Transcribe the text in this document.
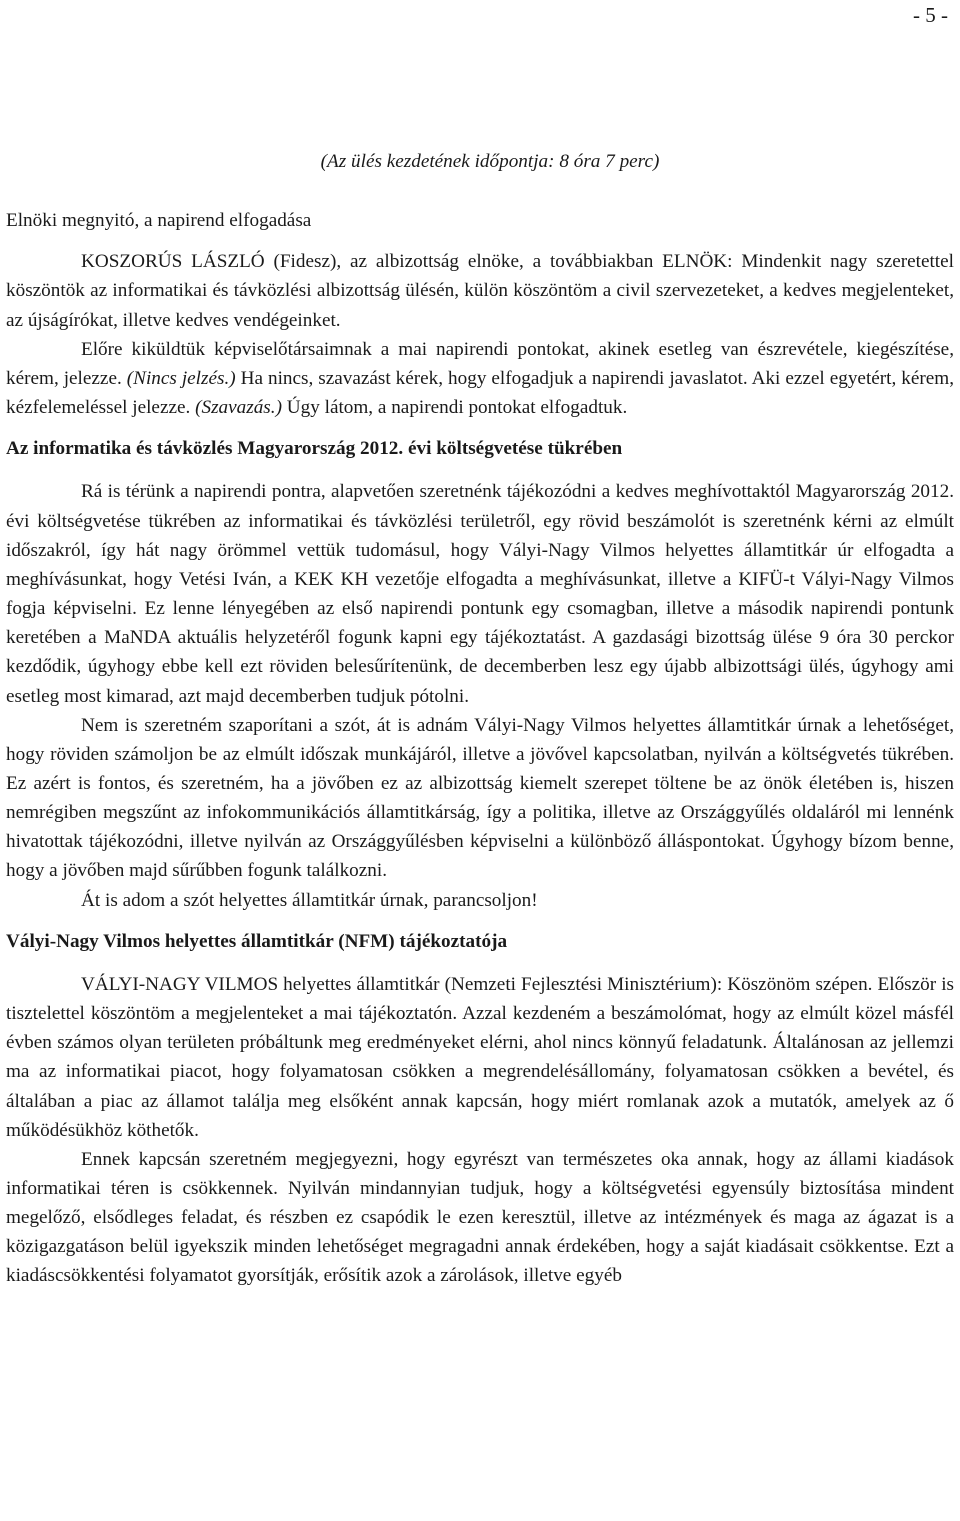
- 5 -

(Az ülés kezdetének időpontja: 8 óra 7 perc)

Elnöki megnyitó, a napirend elfogadása

KOSZORÚS LÁSZLÓ (Fidesz), az albizottság elnöke, a továbbiakban ELNÖK: Mindenkit nagy szeretettel köszöntök az informatikai és távközlési albizottság ülésén, külön köszöntöm a civil szervezeteket, a kedves megjelenteket, az újságírókat, illetve kedves vendégeinket.

Előre kiküldtük képviselőtársaimnak a mai napirendi pontokat, akinek esetleg van észrevétele, kiegészítése, kérem, jelezze. (Nincs jelzés.) Ha nincs, szavazást kérek, hogy elfogadjuk a napirendi javaslatot. Aki ezzel egyetért, kérem, kézfelemeléssel jelezze. (Szavazás.) Úgy látom, a napirendi pontokat elfogadtuk.

Az informatika és távközlés Magyarország 2012. évi költségvetése tükrében

Rá is térünk a napirendi pontra, alapvetően szeretnénk tájékozódni a kedves meghívottaktól Magyarország 2012. évi költségvetése tükrében az informatikai és távközlési területről, egy rövid beszámolót is szeretnénk kérni az elmúlt időszakról, így hát nagy örömmel vettük tudomásul, hogy Vályi-Nagy Vilmos helyettes államtitkár úr elfogadta a meghívásunkat, hogy Vetési Iván, a KEK KH vezetője elfogadta a meghívásunkat, illetve a KIFÜ-t Vályi-Nagy Vilmos fogja képviselni. Ez lenne lényegében az első napirendi pontunk egy csomagban, illetve a második napirendi pontunk keretében a MaNDA aktuális helyzetéről fogunk kapni egy tájékoztatást. A gazdasági bizottság ülése 9 óra 30 perckor kezdődik, úgyhogy ebbe kell ezt röviden belesűrítenünk, de decemberben lesz egy újabb albizottsági ülés, úgyhogy ami esetleg most kimarad, azt majd decemberben tudjuk pótolni.

Nem is szeretném szaporítani a szót, át is adnám Vályi-Nagy Vilmos helyettes államtitkár úrnak a lehetőséget, hogy röviden számoljon be az elmúlt időszak munkájáról, illetve a jövővel kapcsolatban, nyilván a költségvetés tükrében. Ez azért is fontos, és szeretném, ha a jövőben ez az albizottság kiemelt szerepet töltene be az önök életében is, hiszen nemrégiben megszűnt az infokommunikációs államtitkárság, így a politika, illetve az Országgyűlés oldaláról mi lennénk hivatottak tájékozódni, illetve nyilván az Országgyűlésben képviselni a különböző álláspontokat. Úgyhogy bízom benne, hogy a jövőben majd sűrűbben fogunk találkozni.

Át is adom a szót helyettes államtitkár úrnak, parancsoljon!

Vályi-Nagy Vilmos helyettes államtitkár (NFM) tájékoztatója

VÁLYI-NAGY VILMOS helyettes államtitkár (Nemzeti Fejlesztési Minisztérium): Köszönöm szépen. Először is tisztelettel köszöntöm a megjelenteket a mai tájékoztatón. Azzal kezdeném a beszámolómat, hogy az elmúlt közel másfél évben számos olyan területen próbáltunk meg eredményeket elérni, ahol nincs könnyű feladatunk. Általánosan az jellemzi ma az informatikai piacot, hogy folyamatosan csökken a megrendelésállomány, folyamatosan csökken a bevétel, és általában a piac az államot találja meg elsőként annak kapcsán, hogy miért romlanak azok a mutatók, amelyek az ő működésükhöz köthetők.

Ennek kapcsán szeretném megjegyezni, hogy egyrészt van természetes oka annak, hogy az állami kiadások informatikai téren is csökkennek. Nyilván mindannyian tudjuk, hogy a költségvetési egyensúly biztosítása mindent megelőző, elsődleges feladat, és részben ez csapódik le ezen keresztül, illetve az intézmények és maga az ágazat is a közigazgatáson belül igyekszik minden lehetőséget megragadni annak érdekében, hogy a saját kiadásait csökkentse. Ezt a kiadáscsökkentési folyamatot gyorsítják, erősítik azok a zárolások, illetve egyéb
